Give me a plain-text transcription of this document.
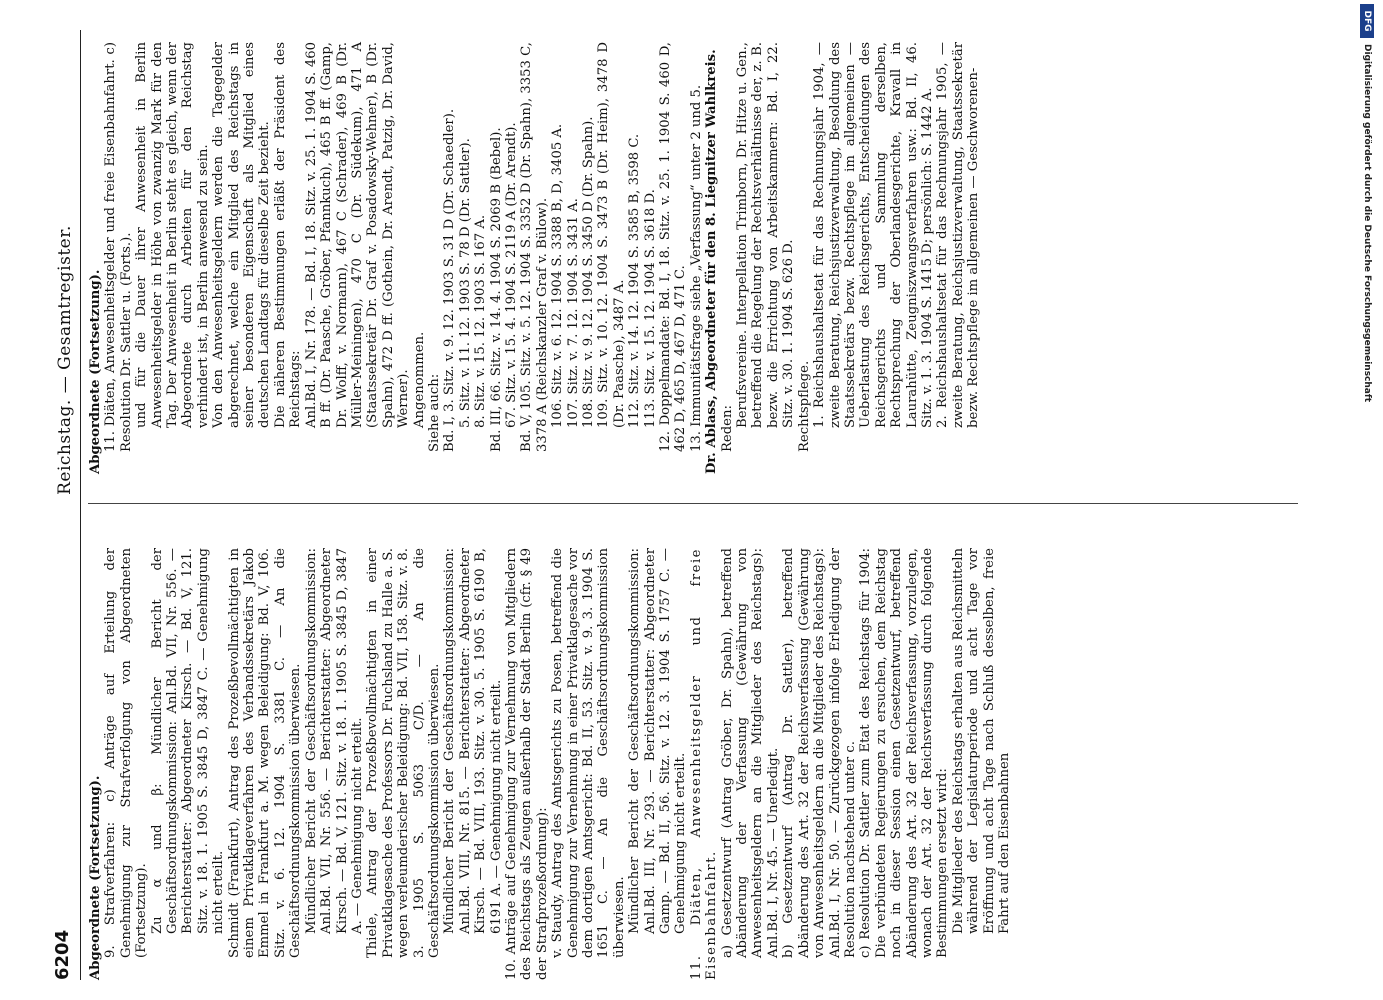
6204
Reichstag. — Gesamtregister.

Abgeordnete (Fortsetzung). 9. Strafverfahren: c) Anträge auf Erteilung der Genehmigung zur Strafverfolgung von Abgeordneten (Fortsetzung). Zu α und β: Mündlicher Bericht der Geschäftsordnungskommission: Anl.Bd. VII, Nr. 556. — Berichterstatter: Abgeordneter Kirsch. — Bd. V, 121. Sitz. v. 18. 1. 1905 S. 3845 D, 3847 C. — Genehmigung nicht erteilt. Schmidt (Frankfurt), Antrag des Prozeßbevollmächtigten in einem Privatklageverfahren des Verbandssekretärs Jakob Emmel in Frankfurt a. M. wegen Beleidigung: Bd. V, 106. Sitz. v. 6. 12. 1904 S. 3381 C. — An die Geschäftsordnungskommission überwiesen. Mündlicher Bericht der Geschäftsordnungskommission: Anl.Bd. VII, Nr. 556. — Berichterstatter: Abgeordneter Kirsch. — Bd. V, 121. Sitz. v. 18. 1. 1905 S. 3845 D, 3847 A. — Genehmigung nicht erteilt. Thiele, Antrag der Prozeßbevollmächtigten in einer Privatklagesache des Professors Dr. Fuchsland zu Halle a. S. wegen verleumderischer Beleidigung: Bd. VII, 158. Sitz. v. 8. 3. 1905 S. 5063 C/D. — An die Geschäftsordnungskommission überwiesen. Mündlicher Bericht der Geschäftsordnungskommission: Anl.Bd. VIII, Nr. 815. — Berichterstatter: Abgeordneter Kirsch. — Bd. VIII, 193. Sitz. v. 30. 5. 1905 S. 6190 B, 6191 A. — Genehmigung nicht erteilt. 10. Anträge auf Genehmigung zur Vernehmung von Mitgliedern des Reichstags als Zeugen außerhalb der Stadt Berlin (cfr. § 49 der Strafprozeßordnung): v. Staudy, Antrag des Amtsgerichts zu Posen, betreffend die Genehmigung zur Vernehmung in einer Privatklagesache vor dem dortigen Amtsgericht: Bd. II, 53. Sitz. v. 9. 3. 1904 S. 1651 C. — An die Geschäftsordnungskommission überwiesen. Mündlicher Bericht der Geschäftsordnungskommission: Anl.Bd. III, Nr. 293. — Berichterstatter: Abgeordneter Gamp. — Bd. II, 56. Sitz. v. 12. 3. 1904 S. 1757 C. — Genehmigung nicht erteilt. 11. Diäten, Anwesenheitsgelder und freie Eisenbahnfahrt. a) Gesetzentwurf (Antrag Gröber, Dr. Spahn), betreffend Abänderung der Verfassung (Gewährung von Anwesenheitsgeldern an die Mitglieder des Reichstags): Anl.Bd. I, Nr. 45. — Unerledigt. b) Gesetzentwurf (Antrag Dr. Sattler), betreffend Abänderung des Art. 32 der Reichsverfassung (Gewährung von Anwesenheitsgeldern an die Mitglieder des Reichstags): Anl.Bd. I, Nr. 50. — Zurückgezogen infolge Erledigung der Resolution nachstehend unter c. c) Resolution Dr. Sattler zum Etat des Reichstags für 1904: Die verbündeten Regierungen zu ersuchen, dem Reichstag noch in dieser Session einen Gesetzentwurf, betreffend Abänderung des Art. 32 der Reichsverfassung, vorzulegen, wonach der Art. 32 der Reichsverfassung durch folgende Bestimmungen ersetzt wird: Die Mitglieder des Reichstags erhalten aus Reichsmitteln während der Legislaturperiode und acht Tage vor Eröffnung und acht Tage nach Schluß desselben, freie Fahrt auf den Eisenbahnen

Abgeordnete (Fortsetzung). 11. Diäten, Anwesenheitsgelder und freie Eisenbahnfahrt. c) Resolution Dr. Sattler u. (Forts.). und für die Dauer ihrer Anwesenheit in Berlin Anwesenheitsgelder in Höhe von zwanzig Mark für den Tag. Der Anwesenheit in Berlin steht es gleich, wenn der Abgeordnete durch Arbeiten für den Reichstag verhindert ist, in Berlin anwesend zu sein. Von den Anwesenheitsgeldern werden die Tagegelder abgerechnet, welche ein Mitglied des Reichstags in seiner besonderen Eigenschaft als Mitglied eines deutschen Landtags für dieselbe Zeit bezieht. Die näheren Bestimmungen erläßt der Präsident des Reichstags: Anl.Bd. I, Nr. 178. — Bd. I, 18. Sitz. v. 25. 1. 1904 S. 460 B ff. (Dr. Paasche, Gröber, Pfannkuch), 465 B ff. (Gamp, Dr. Wolff, v. Normann), 467 C (Schrader), 469 B (Dr. Müller-Meiningen), 470 C (Dr. Südekum), 471 A (Staatssekretär Dr. Graf v. Posadowsky-Wehner), B (Dr. Spahn), 472 D ff. (Gothein, Dr. Arendt, Patzig, Dr. David, Werner). Angenommen. Siehe auch: Bd. I, 3. Sitz. v. 9. 12. 1903 S. 31 D (Dr. Schaedler). 5. Sitz. v. 11. 12. 1903 S. 78 D (Dr. Sattler). 8. Sitz. v. 15. 12. 1903 S. 167 A. Bd. III, 66. Sitz. v. 14. 4. 1904 S. 2069 B (Bebel). 67. Sitz. v. 15. 4. 1904 S. 2119 A (Dr. Arendt). Bd. V, 105. Sitz. v. 5. 12. 1904 S. 3352 D (Dr. Spahn), 3353 C, 3378 A (Reichskanzler Graf v. Bülow). 106. Sitz. v. 6. 12. 1904 S. 3388 B, D, 3405 A. 107. Sitz. v. 7. 12. 1904 S. 3431 A. 108. Sitz. v. 9. 12. 1904 S. 3450 D (Dr. Spahn). 109. Sitz. v. 10. 12. 1904 S. 3473 B (Dr. Heim), 3478 D (Dr. Paasche), 3487 A. 112. Sitz. v. 14. 12. 1904 S. 3585 B, 3598 C. 113. Sitz. v. 15. 12. 1904 S. 3618 D. 12. Doppelmandate: Bd. I, 18. Sitz. v. 25. 1. 1904 S. 460 D, 462 D, 465 D, 467 D, 471 C. 13. Immunitätsfrage siehe „Verfassung“ unter 2 und 5. Dr. Ablass, Abgeordneter für den 8. Liegnitzer Wahlkreis. Reden:

Berufsvereine. Interpellation Trimborn, Dr. Hitze u. Gen., betreffend die Regelung der Rechtsverhältnisse der, z. B. bezw. die Errichtung von Arbeitskammern: Bd. I, 22. Sitz. v. 30. 1. 1904 S. 626 D. Rechtspflege. 1. Reichshaushaltsetat für das Rechnungsjahr 1904, — zweite Beratung, Reichsjustizverwaltung, Besoldung des Staatssekretärs bezw. Rechtspflege im allgemeinen — Ueberlastung des Reichsgerichts, Entscheidungen des Reichsgerichts und Sammlung derselben, Rechtsprechung der Oberlandesgerichte, Kravall in Laurahütte, Zeugniszwangsverfahren usw.: Bd. II, 46. Sitz. v. 1. 3. 1904 S. 1415 D; persönlich: S. 1442 A. 2. Reichshaushaltsetat für das Rechnungsjahr 1905, — zweite Beratung, Reichsjustizverwaltung, Staatssekretär bezw. Rechtspflege im allgemeinen — Geschworenen-

DFG
Digitalisierung gefördert durch die Deutsche Forschungsgemeinschaft
